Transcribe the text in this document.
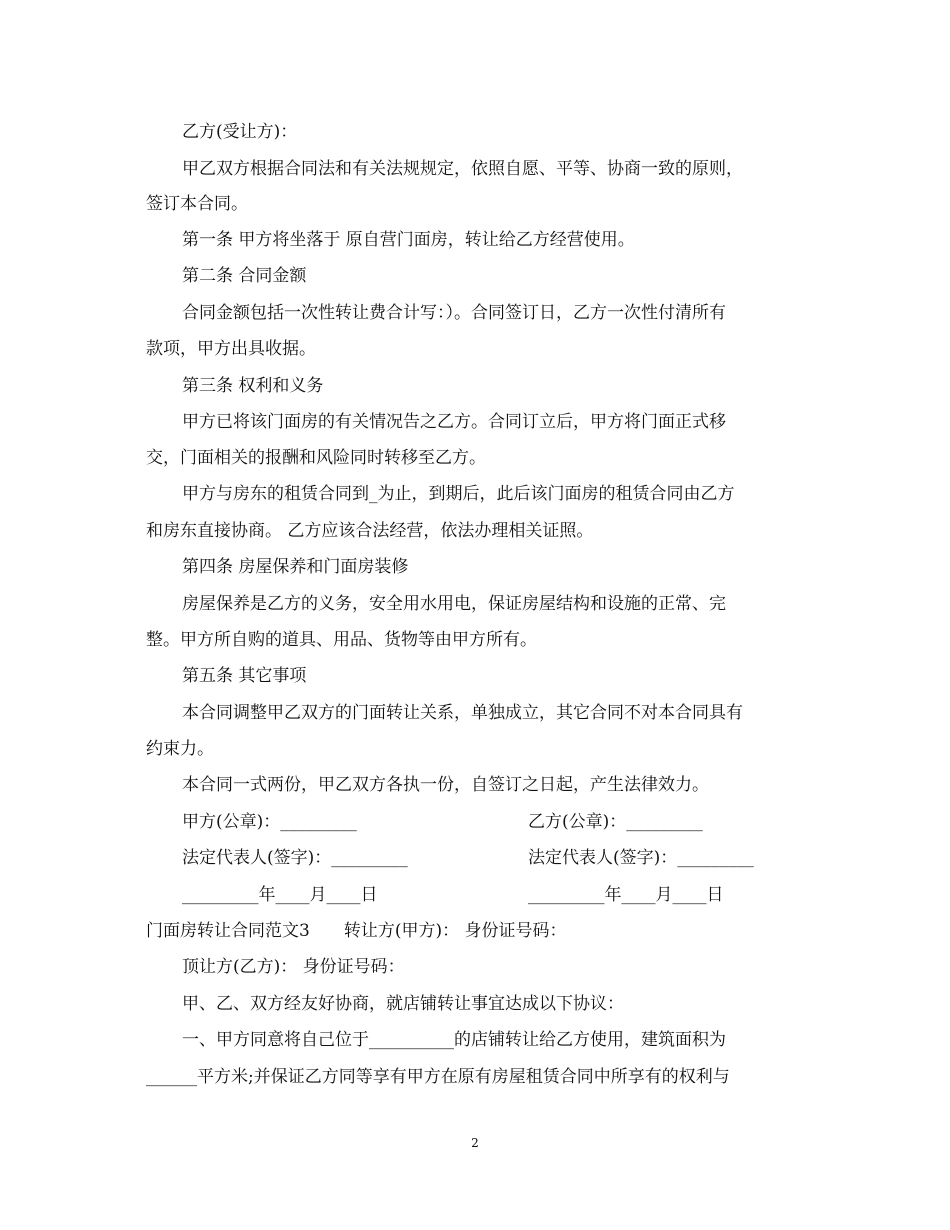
乙方(受让方)：

甲乙双方根据合同法和有关法规规定，依照自愿、平等、协商一致的原则，

签订本合同。

第一条 甲方将坐落于 原自营门面房，转让给乙方经营使用。

第二条 合同金额

合同金额包括一次性转让费合计写：）。合同签订日，乙方一次性付清所有

款项，甲方出具收据。

第三条 权利和义务

甲方已将该门面房的有关情况告之乙方。合同订立后，甲方将门面正式移

交，门面相关的报酬和风险同时转移至乙方。

甲方与房东的租赁合同到_为止，到期后，此后该门面房的租赁合同由乙方

和房东直接协商。 乙方应该合法经营，依法办理相关证照。

第四条 房屋保养和门面房装修

房屋保养是乙方的义务，安全用水用电，保证房屋结构和设施的正常、完

整。甲方所自购的道具、用品、货物等由甲方所有。

第五条 其它事项

本合同调整甲乙双方的门面转让关系，单独成立，其它合同不对本合同具有

约束力。

本合同一式两份，甲乙双方各执一份，自签订之日起，产生法律效力。

甲方(公章)：_________	乙方(公章)：_________

法定代表人(签字)：_________	法定代表人(签字)：_________

_________年____月____日	_________年____月____日

门面房转让合同范文3　　转让方(甲方)： 身份证号码：

顶让方(乙方)： 身份证号码：

甲、乙、双方经友好协商，就店铺转让事宜达成以下协议：

一、甲方同意将自己位于__________的店铺转让给乙方使用，建筑面积为

______平方米;并保证乙方同等享有甲方在原有房屋租赁合同中所享有的权利与

2
